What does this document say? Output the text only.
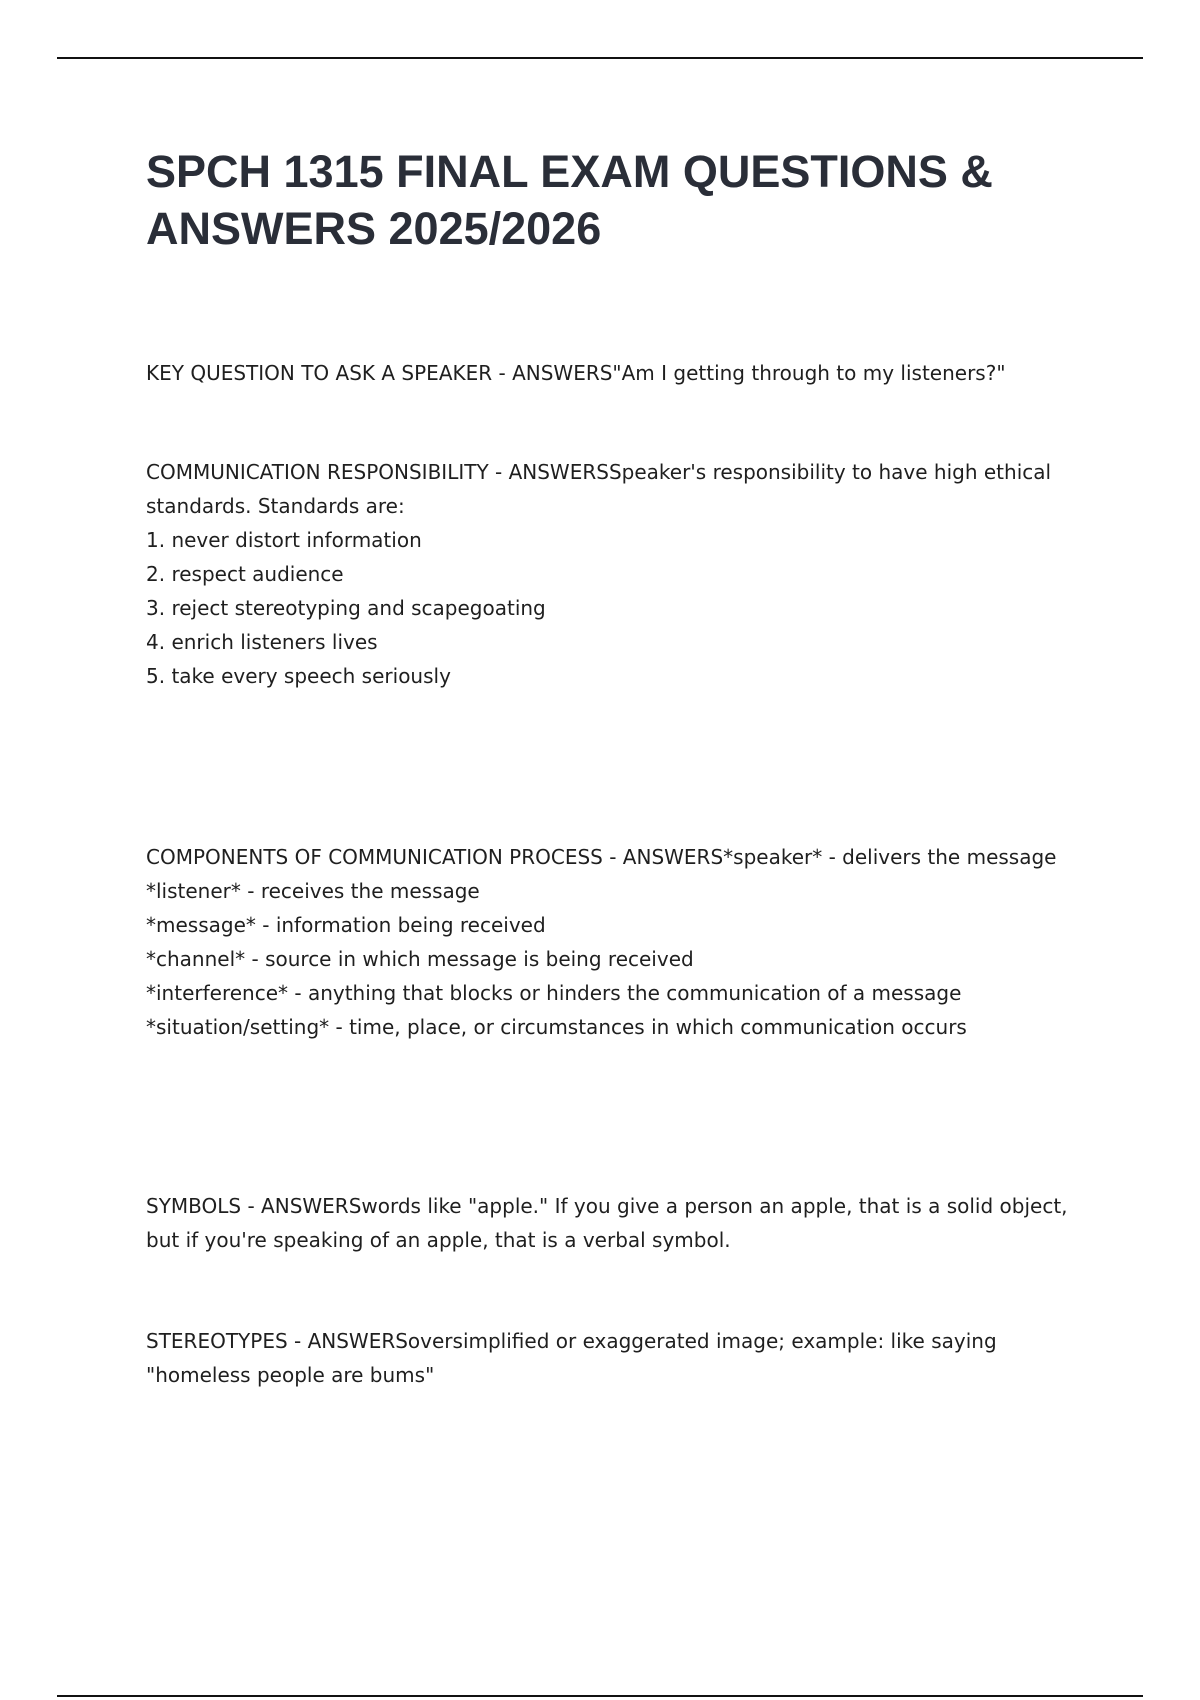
SPCH 1315 FINAL EXAM QUESTIONS & ANSWERS 2025/2026

KEY QUESTION TO ASK A SPEAKER - ANSWERS"Am I getting through to my listeners?"

COMMUNICATION RESPONSIBILITY - ANSWERSSpeaker's responsibility to have high ethical standards. Standards are:

1. never distort information

2. respect audience

3. reject stereotyping and scapegoating

4. enrich listeners lives

5. take every speech seriously

COMPONENTS OF COMMUNICATION PROCESS - ANSWERS*speaker* - delivers the message

*listener* - receives the message

*message* - information being received

*channel* - source in which message is being received

*interference* - anything that blocks or hinders the communication of a message

*situation/setting* - time, place, or circumstances in which communication occurs

SYMBOLS - ANSWERSwords like "apple." If you give a person an apple, that is a solid object, but if you're speaking of an apple, that is a verbal symbol.

STEREOTYPES - ANSWERSoversimplified or exaggerated image; example: like saying "homeless people are bums"
